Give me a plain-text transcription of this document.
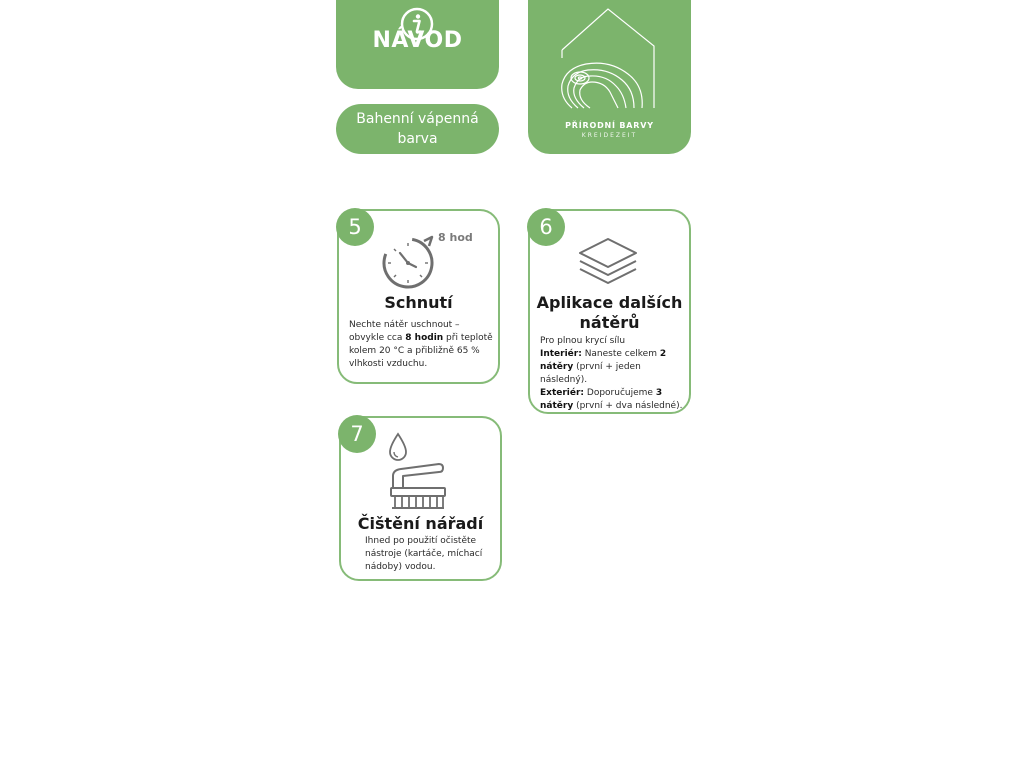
NÁVOD
Bahenní vápenná barva
PŘÍRODNÍ BARVY
KREIDEZEIT
5	8 hod
Schnutí
Nechte nátěr uschnout –
obvykle cca 8 hodin při teplotě
kolem 20 °C a přibližně 65 %
vlhkosti vzduchu.
6
Aplikace dalších
nátěrů
Pro plnou krycí sílu
Interiér: Naneste celkem 2
nátěry (první + jeden následný).
Exteriér: Doporučujeme 3
nátěry (první + dva následné).
7
Čištění nářadí
Ihned po použití očistěte
nástroje (kartáče, míchací
nádoby) vodou.
